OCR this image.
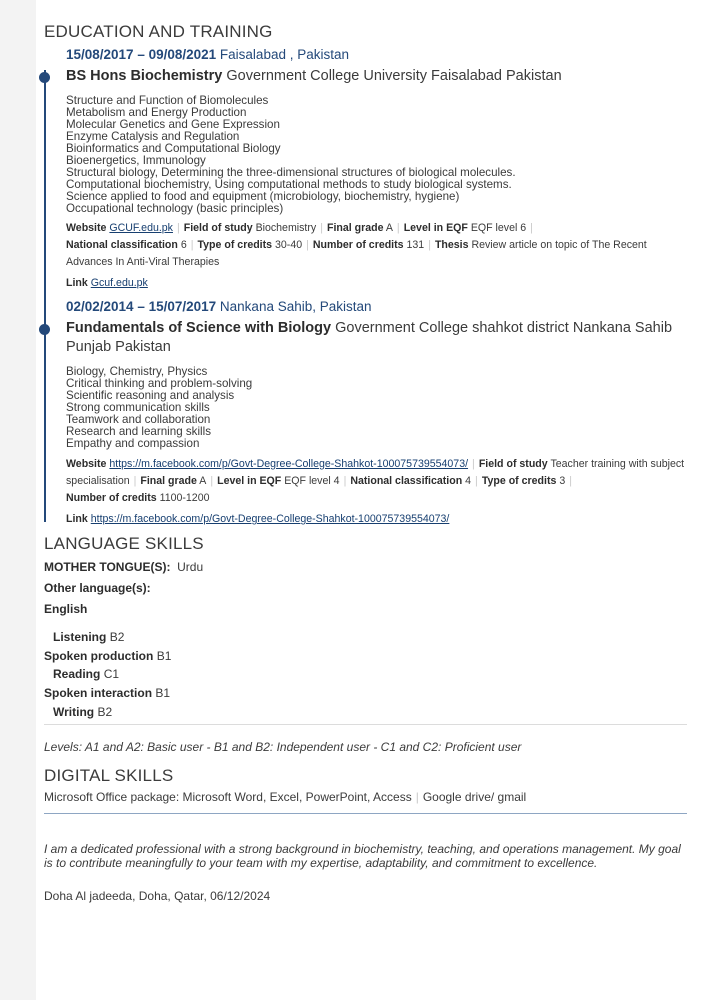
EDUCATION AND TRAINING
15/08/2017 – 09/08/2021 Faisalabad , Pakistan
BS Hons Biochemistry Government College University Faisalabad Pakistan
Structure and Function of Biomolecules
Metabolism and Energy Production
Molecular Genetics and Gene Expression
Enzyme Catalysis and Regulation
Bioinformatics and Computational Biology
Bioenergetics, Immunology
Structural biology, Determining the three-dimensional structures of biological molecules.
Computational biochemistry, Using computational methods to study biological systems.
Science applied to food and equipment (microbiology, biochemistry, hygiene)
Occupational technology (basic principles)
Website GCUF.edu.pk | Field of study Biochemistry | Final grade A | Level in EQF EQF level 6 |
National classification 6 | Type of credits 30-40 | Number of credits 131 | Thesis Review article on topic of The Recent Advances In Anti-Viral Therapies
Link Gcuf.edu.pk
02/02/2014 – 15/07/2017 Nankana Sahib, Pakistan
Fundamentals of Science with Biology Government College shahkot district Nankana Sahib Punjab Pakistan
Biology, Chemistry, Physics
Critical thinking and problem-solving
Scientific reasoning and analysis
Strong communication skills
Teamwork and collaboration
Research and learning skills
Empathy and compassion
Website https://m.facebook.com/p/Govt-Degree-College-Shahkot-100075739554073/ | Field of study Teacher training with subject specialisation | Final grade A | Level in EQF EQF level 4 | National classification 4 | Type of credits 3 |
Number of credits 1100-1200
Link https://m.facebook.com/p/Govt-Degree-College-Shahkot-100075739554073/
LANGUAGE SKILLS
MOTHER TONGUE(S): Urdu
Other language(s):
English
Listening B2
Spoken production B1
Reading C1
Spoken interaction B1
Writing B2
Levels: A1 and A2: Basic user - B1 and B2: Independent user - C1 and C2: Proficient user
DIGITAL SKILLS
Microsoft Office package: Microsoft Word, Excel, PowerPoint, Access | Google drive/ gmail
I am a dedicated professional with a strong background in biochemistry, teaching, and operations management. My goal is to contribute meaningfully to your team with my expertise, adaptability, and commitment to excellence.
Doha Al jadeeda, Doha, Qatar, 06/12/2024
